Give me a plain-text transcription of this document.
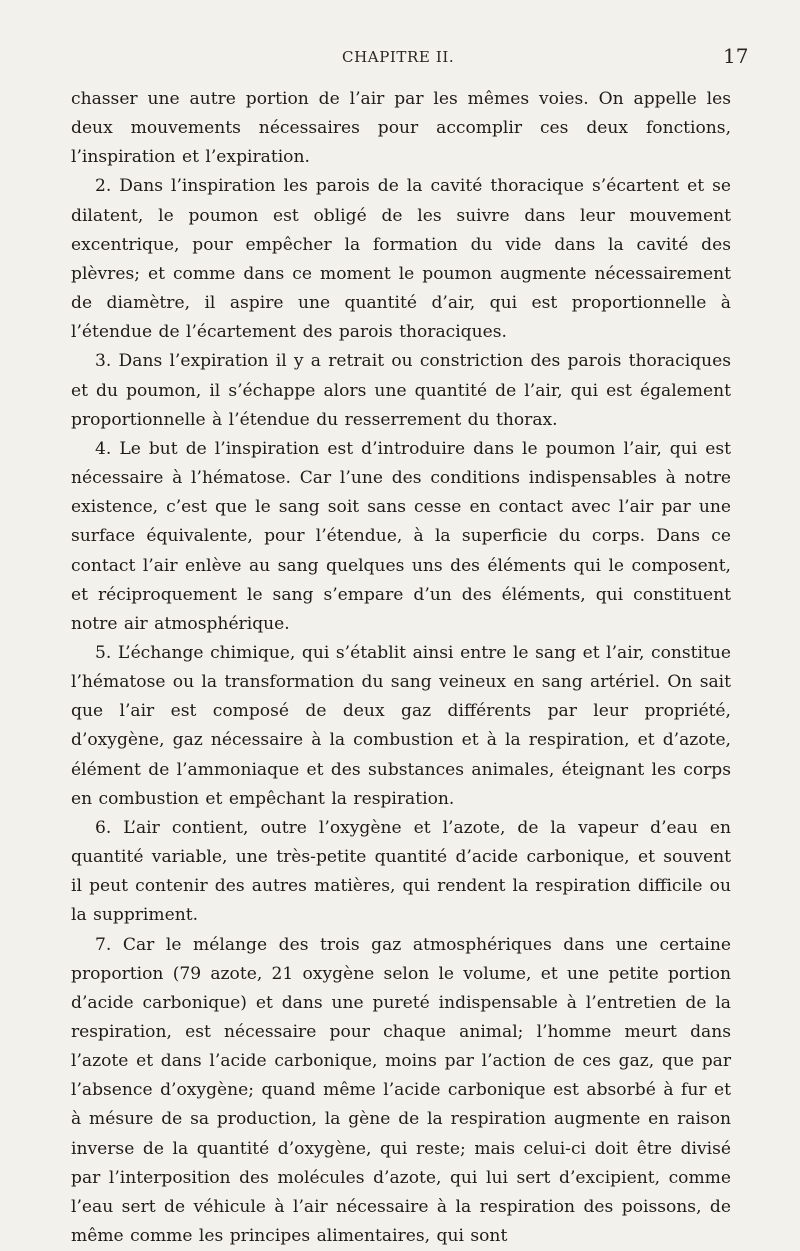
CHAPITRE II.	17

chasser une autre portion de l’air par les mêmes voies. On appelle les deux mouvements nécessaires pour accomplir ces deux fonctions, l’inspiration et l’expiration.

2. Dans l’inspiration les parois de la cavité thoracique s’écartent et se dilatent, le poumon est obligé de les suivre dans leur mouvement excentrique, pour empêcher la formation du vide dans la cavité des plèvres; et comme dans ce moment le poumon augmente nécessairement de diamètre, il aspire une quantité d’air, qui est proportionnelle à l’étendue de l’écartement des parois thoraciques.

3. Dans l’expiration il y a retrait ou constriction des parois thoraciques et du poumon, il s’échappe alors une quantité de l’air, qui est également proportionnelle à l’étendue du resserrement du thorax.

4. Le but de l’inspiration est d’introduire dans le poumon l’air, qui est nécessaire à l’hématose. Car l’une des conditions indispensables à notre existence, c’est que le sang soit sans cesse en contact avec l’air par une surface équivalente, pour l’étendue, à la superficie du corps. Dans ce contact l’air enlève au sang quelques uns des éléments qui le composent, et réciproquement le sang s’empare d’un des éléments, qui constituent notre air atmosphérique.

5. L’échange chimique, qui s’établit ainsi entre le sang et l’air, constitue l’hématose ou la transformation du sang veineux en sang artériel. On sait que l’air est composé de deux gaz différents par leur propriété, d’oxygène, gaz nécessaire à la combustion et à la respiration, et d’azote, élément de l’ammoniaque et des substances animales, éteignant les corps en combustion et empêchant la respiration.

6. L’air contient, outre l’oxygène et l’azote, de la vapeur d’eau en quantité variable, une très-petite quantité d’acide carbonique, et souvent il peut contenir des autres matières, qui rendent la respiration difficile ou la suppriment.

7. Car le mélange des trois gaz atmosphériques dans une certaine proportion (79 azote, 21 oxygène selon le volume, et une petite portion d’acide carbonique) et dans une pureté indispensable à l’entretien de la respiration, est nécessaire pour chaque animal; l’homme meurt dans l’azote et dans l’acide carbonique, moins par l’action de ces gaz, que par l’absence d’oxygène; quand même l’acide carbonique est absorbé à fur et à mésure de sa production, la gène de la respiration augmente en raison inverse de la quantité d’oxygène, qui reste; mais celui-ci doit être divisé par l’interposition des molécules d’azote, qui lui sert d’excipient, comme l’eau sert de véhicule à l’air nécessaire à la respiration des poissons, de même comme les principes alimentaires, qui sont
